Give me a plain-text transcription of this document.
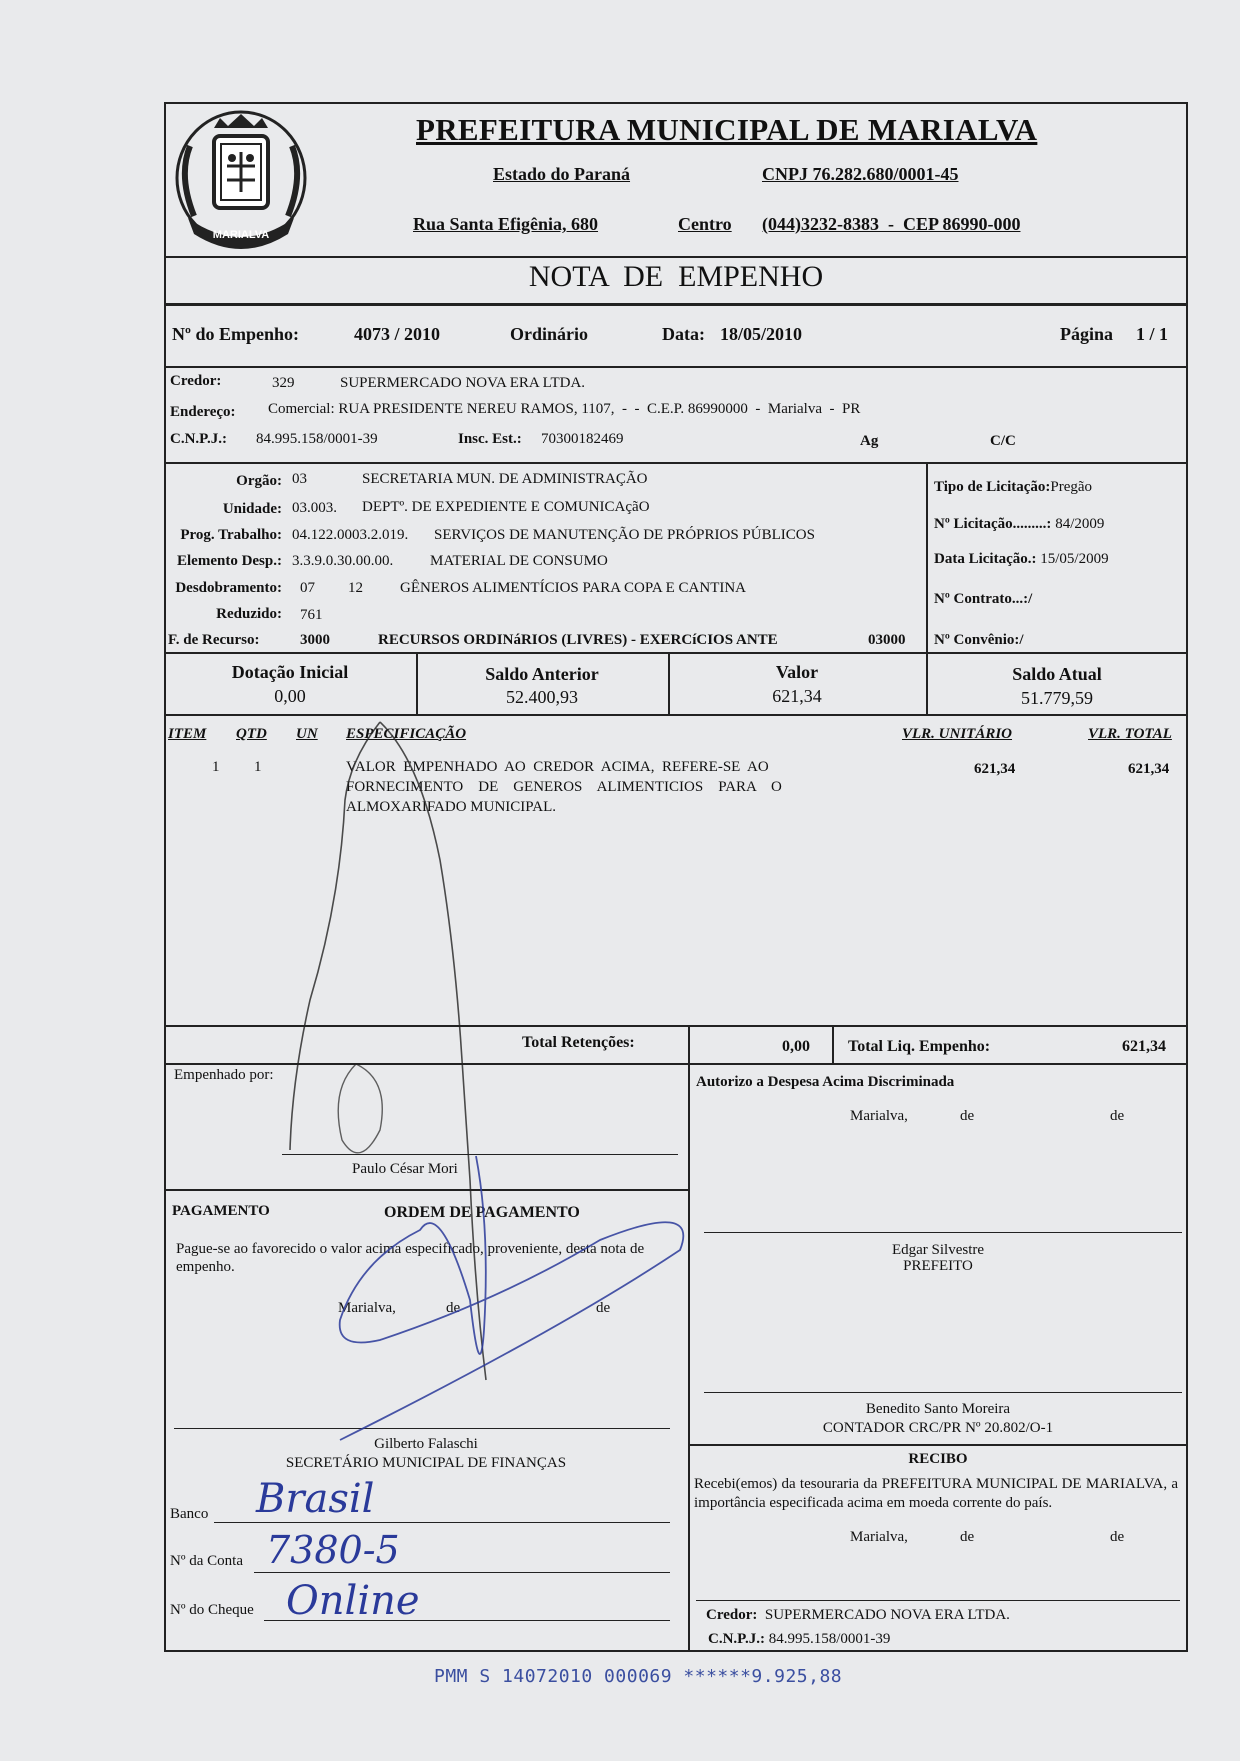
MARIALVA
PREFEITURA MUNICIPAL DE MARIALVA
Estado do Paraná	CNPJ 76.282.680/0001-45
Rua Santa Efigênia, 680	Centro (044)3232-8383  -  CEP 86990-000
NOTA  DE  EMPENHO
Nº do Empenho:	4073 / 2010	Ordinário	Data: 18/05/2010	Página 1 / 1
Credor:	329	SUPERMERCADO NOVA ERA LTDA.
Endereço: Comercial: RUA PRESIDENTE NEREU RAMOS, 1107,  -  -  C.E.P. 86990000  -  Marialva  -  PR
C.N.P.J.: 84.995.158/0001-39	Insc. Est.: 70300182469	Ag	C/C
Orgão: 03	SECRETARIA MUN. DE ADMINISTRAÇÃO
Unidade: 03.003. DEPTº. DE EXPEDIENTE E COMUNICAçãO
Prog. Trabalho: 04.122.0003.2.019. SERVIÇOS DE MANUTENÇÃO DE PRÓPRIOS PÚBLICOS
Elemento Desp.: 3.3.9.0.30.00.00. MATERIAL DE CONSUMO
Desdobramento: 07 12 GÊNEROS ALIMENTÍCIOS PARA COPA E CANTINA
Reduzido: 761
F. de Recurso:	3000	RECURSOS ORDINáRIOS (LIVRES) - EXERCíCIOS ANTE	03000
Tipo de Licitação:Pregão
Nº Licitação.........: 84/2009
Data Licitação.: 15/05/2009
Nº Contrato...:/
Nº Convênio:/
Dotação Inicial
0,00
Saldo Anterior
52.400,93
Valor
621,34
Saldo Atual
51.779,59
ITEM QTD UN ESPECIFICAÇÃO	VLR. UNITÁRIO	VLR. TOTAL
1 1	VALOR  EMPENHADO  AO  CREDOR  ACIMA,  REFERE-SE  AO
FORNECIMENTO    DE    GENEROS    ALIMENTICIOS    PARA    O
ALMOXARIFADO MUNICIPAL.
621,34	621,34
Total Retenções:	0,00 Total Liq. Empenho:	621,34
Empenhado por:
Paulo César Mori
PAGAMENTO	ORDEM DE PAGAMENTO
Pague-se ao favorecido o valor acima especificado, proveniente, desta nota de empenho.
Marialva,	de	de
Gilberto Falaschi
SECRETÁRIO MUNICIPAL DE FINANÇAS
Banco Brasil
Nº da Conta 7380-5
Nº do Cheque Online
Autorizo a Despesa Acima Discriminada
Marialva,	de	de
Edgar Silvestre
PREFEITO
Benedito Santo Moreira
CONTADOR CRC/PR Nº 20.802/O-1
RECIBO
Recebi(emos) da tesouraria da PREFEITURA MUNICIPAL DE MARIALVA, a importância especificada acima em moeda corrente do país.
Marialva,	de	de
Credor: SUPERMERCADO NOVA ERA LTDA.
C.N.P.J.: 84.995.158/0001-39
PMM S 14072010 000069 ******9.925,88
